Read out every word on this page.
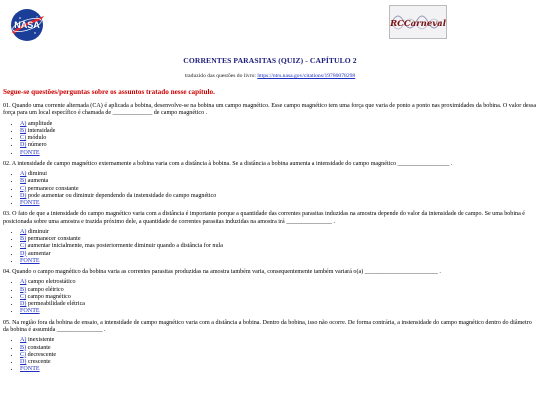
NASA	RCCarneval
CORRENTES PARASITAS (QUIZ) - CAPÍTULO 2
traduzido das questões do livro: https://ntrs.nasa.gov/citations/19780078298
Segue-se questões/perguntas sobre os assuntos tratado nesse capítulo.

01. Quando uma corrente alternada (CA) é aplicada a bobina, desenvolve-se na bobina um campo magnético. Esse campo magnético tem uma força que varia de ponto a ponto nas proximidades da bobina. O valor dessa força para um local específico é chamada de _____________ de campo magnético .

• A) amplitude
• B) intensidade
• C) módulo
• D) número
• FONTE

02. A intensidade de campo magnético externamente a bobina varia com a distância à bobina. Se a distância a bobina aumenta a intensidade do campo magnético _________________ .

• A) diminui
• B) aumenta
• C) permanece constante
• D) pode aumentar ou diminuir dependendo da instensidade do campo magnético
• FONTE

03. O fato de que a intensidade do campo magnético varia com a distância é importante porque a quantidade das correntes parasitas induzidas na amostra depende do valor da intensidade de campo. Se uma bobina é posicionada sobre uma amostra e trazida próximo dele, a quantidade de correntes parasitas induzidas na amostra irá _______________ .

• A) diminuir
• B) permanecer constante
• C) aumentar inicialmente, mas posteriormente diminuir quando a distância for nula
• D) aumentar
• FONTE

04. Quando o campo magnético da bobina varia as correntes parasitas produzidas na amostra também varia, consequentemente também variará o(a) ________________________ .

• A) campo eletrostático
• B) campo elétrico
• C) campo magnético
• D) permeabilidade elétrica
• FONTE

05. Na região fora da bobina de ensaio, a intensidade de campo magnético varia com a distância a bobina. Dentro da bobina, isso não ocorre. De forma contrária, a instensidade do campo magnético dentro do diâmetro da bobina é assumida _______________ .

• A) inexistente
• B) constante
• C) decrescente
• D) crescente
• FONTE
